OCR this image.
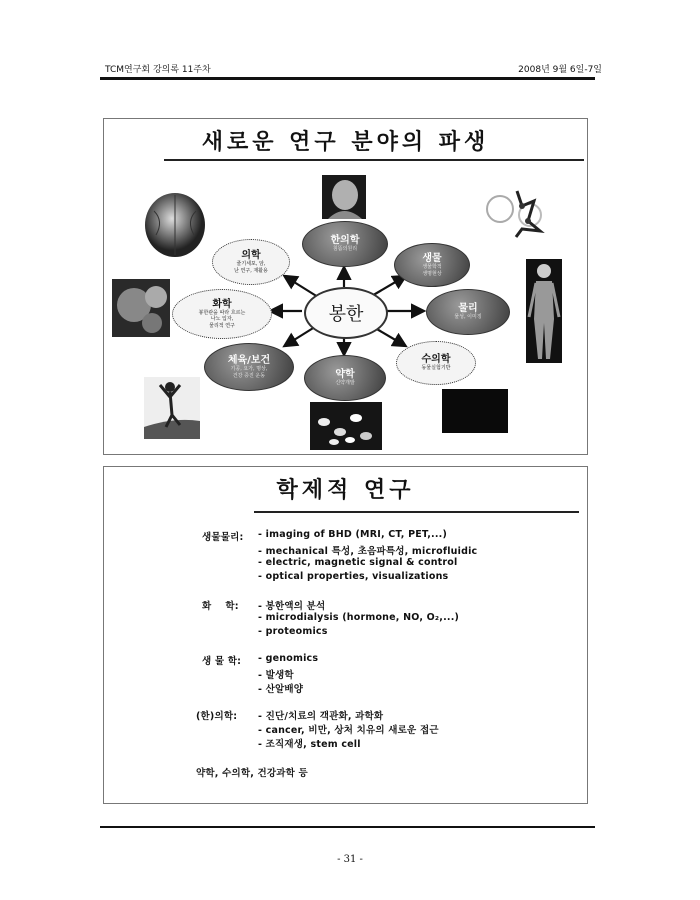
TCM연구회 강의록 11주차	2008년 9월 6일-7일
새로운 연구 분야의 파생
봉한
한의학
침뜸의원리
의학
줄기세포, 암,
난 연구, 재활용
생물
생물학적
생명현상
화학
봉한관을 따라 흐르는
나노 입자,
물리적 연구
물리
물성, 이미징
체육/보건
기공, 요가, 명상,
건강 증진 운동
수의학
동물실험기반
약학
신약개발
학제적 연구
생물물리: - imaging of BHD (MRI, CT, PET,...)
- mechanical 특성, 초음파특성, microfluidic
- electric, magnetic signal & control
- optical properties, visualizations
화    학: - 봉한액의 분석
- microdialysis (hormone, NO, O₂,...)
- proteomics
생 물 학: - genomics
- 발생학
- 산알배양
(한)의학: - 진단/치료의 객관화, 과학화
- cancer, 비만, 상처 치유의 새로운 접근
- 조직재생, stem cell
약학, 수의학, 건강과학 등
- 31 -
